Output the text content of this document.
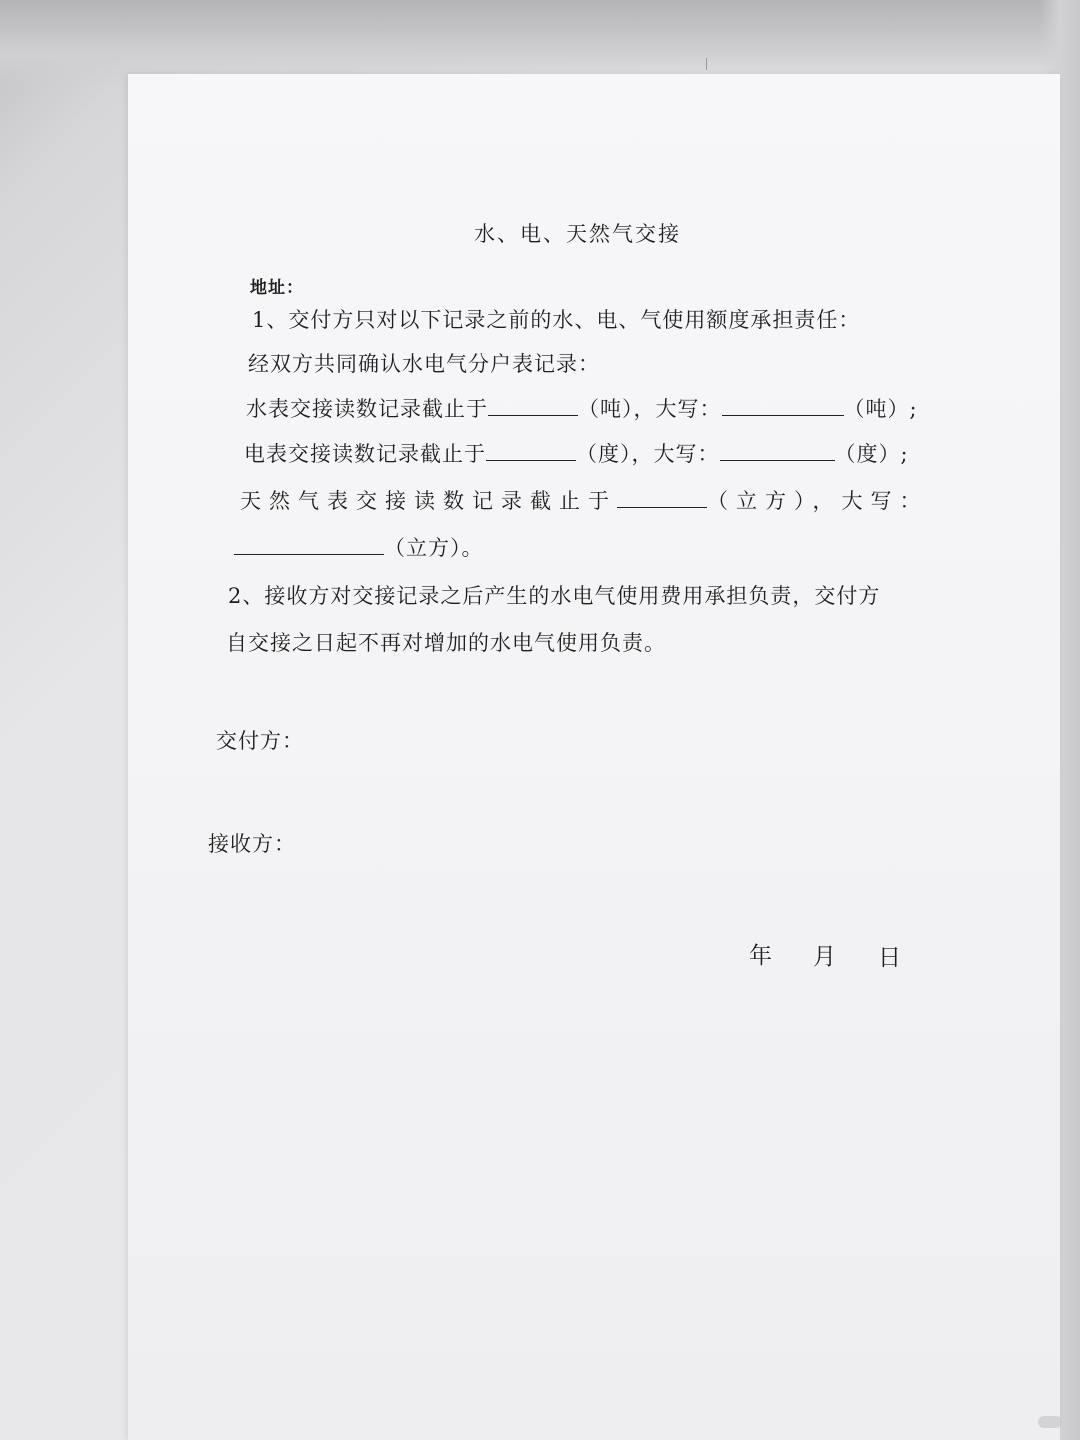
水、电、天然气交接
地址：
1、交付方只对以下记录之前的水、电、气使用额度承担责任：
经双方共同确认水电气分户表记录：
水表交接读数记录截止于	（吨），大写：	（吨）;
电表交接读数记录截止于	（度），大写：	（度）;
天然气表交接读数记录截止于	（立方），大写：
（立方）。
2、接收方对交接记录之后产生的水电气使用费用承担负责，交付方
自交接之日起不再对增加的水电气使用负责。
交付方：
接收方：
年 月 日
